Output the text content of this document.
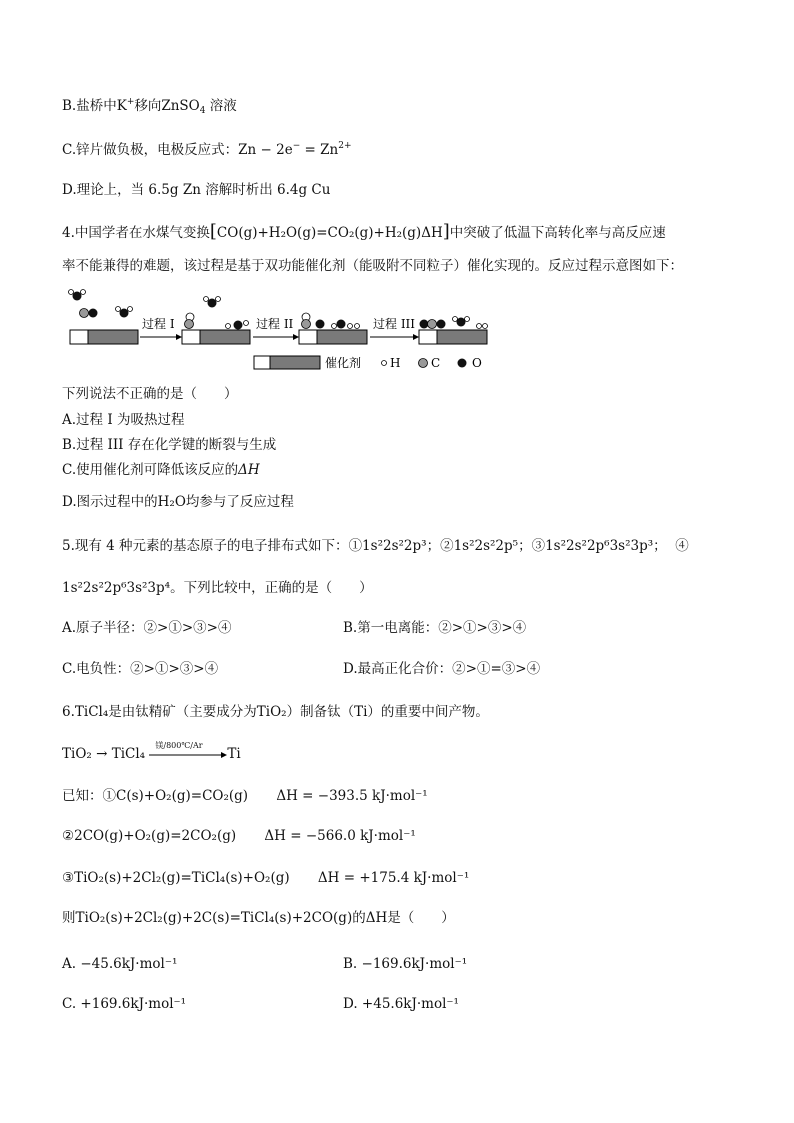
B.盐桥中K+移向ZnSO$_4$ 溶液
C.锌片做负极，电极反应式：$Zn - 2e^- = Zn^{2+}$
D.理论上，当 6.5g Zn 溶解时析出 6.4g Cu
4.中国学者在水煤气变换[CO(g)+H₂O(g)=CO₂(g)+H₂(g)ΔH]中突破了低温下高转化率与高反应速
率不能兼得的难题，该过程是基于双功能催化剂（能吸附不同粒子）催化实现的。反应过程示意图如下：
过程 I	过程 II	过程 III
催化剂 H	C	O
下列说法不正确的是（　　）
A.过程 I 为吸热过程
B.过程 III 存在化学键的断裂与生成
C.使用催化剂可降低该反应的ΔH
D.图示过程中的H₂O均参与了反应过程
5.现有 4 种元素的基态原子的电子排布式如下：①1s²2s²2p³；②1s²2s²2p⁵；③1s²2s²2p⁶3s²3p³；  ④
1s²2s²2p⁶3s²3p⁴。下列比较中，正确的是（　　）
A.原子半径：②>①>③>④	B.第一电离能：②>①>③>④
C.电负性：②>①>③>④	D.最高正化合价：②>①=③>④
6.TiCl₄是由钛精矿（主要成分为TiO₂）制备钛（Ti）的重要中间产物。
TiO₂ → TiCl₄
镁/800℃/Ar
Ti
已知：①C(s)+O₂(g)=CO₂(g) ΔH = −393.5 kJ·mol⁻¹
②2CO(g)+O₂(g)=2CO₂(g) ΔH = −566.0 kJ·mol⁻¹
③TiO₂(s)+2Cl₂(g)=TiCl₄(s)+O₂(g) ΔH = +175.4 kJ·mol⁻¹
则TiO₂(s)+2Cl₂(g)+2C(s)=TiCl₄(s)+2CO(g)的ΔH是（　　）
A. −45.6kJ·mol⁻¹	B. −169.6kJ·mol⁻¹
C. +169.6kJ·mol⁻¹	D. +45.6kJ·mol⁻¹
